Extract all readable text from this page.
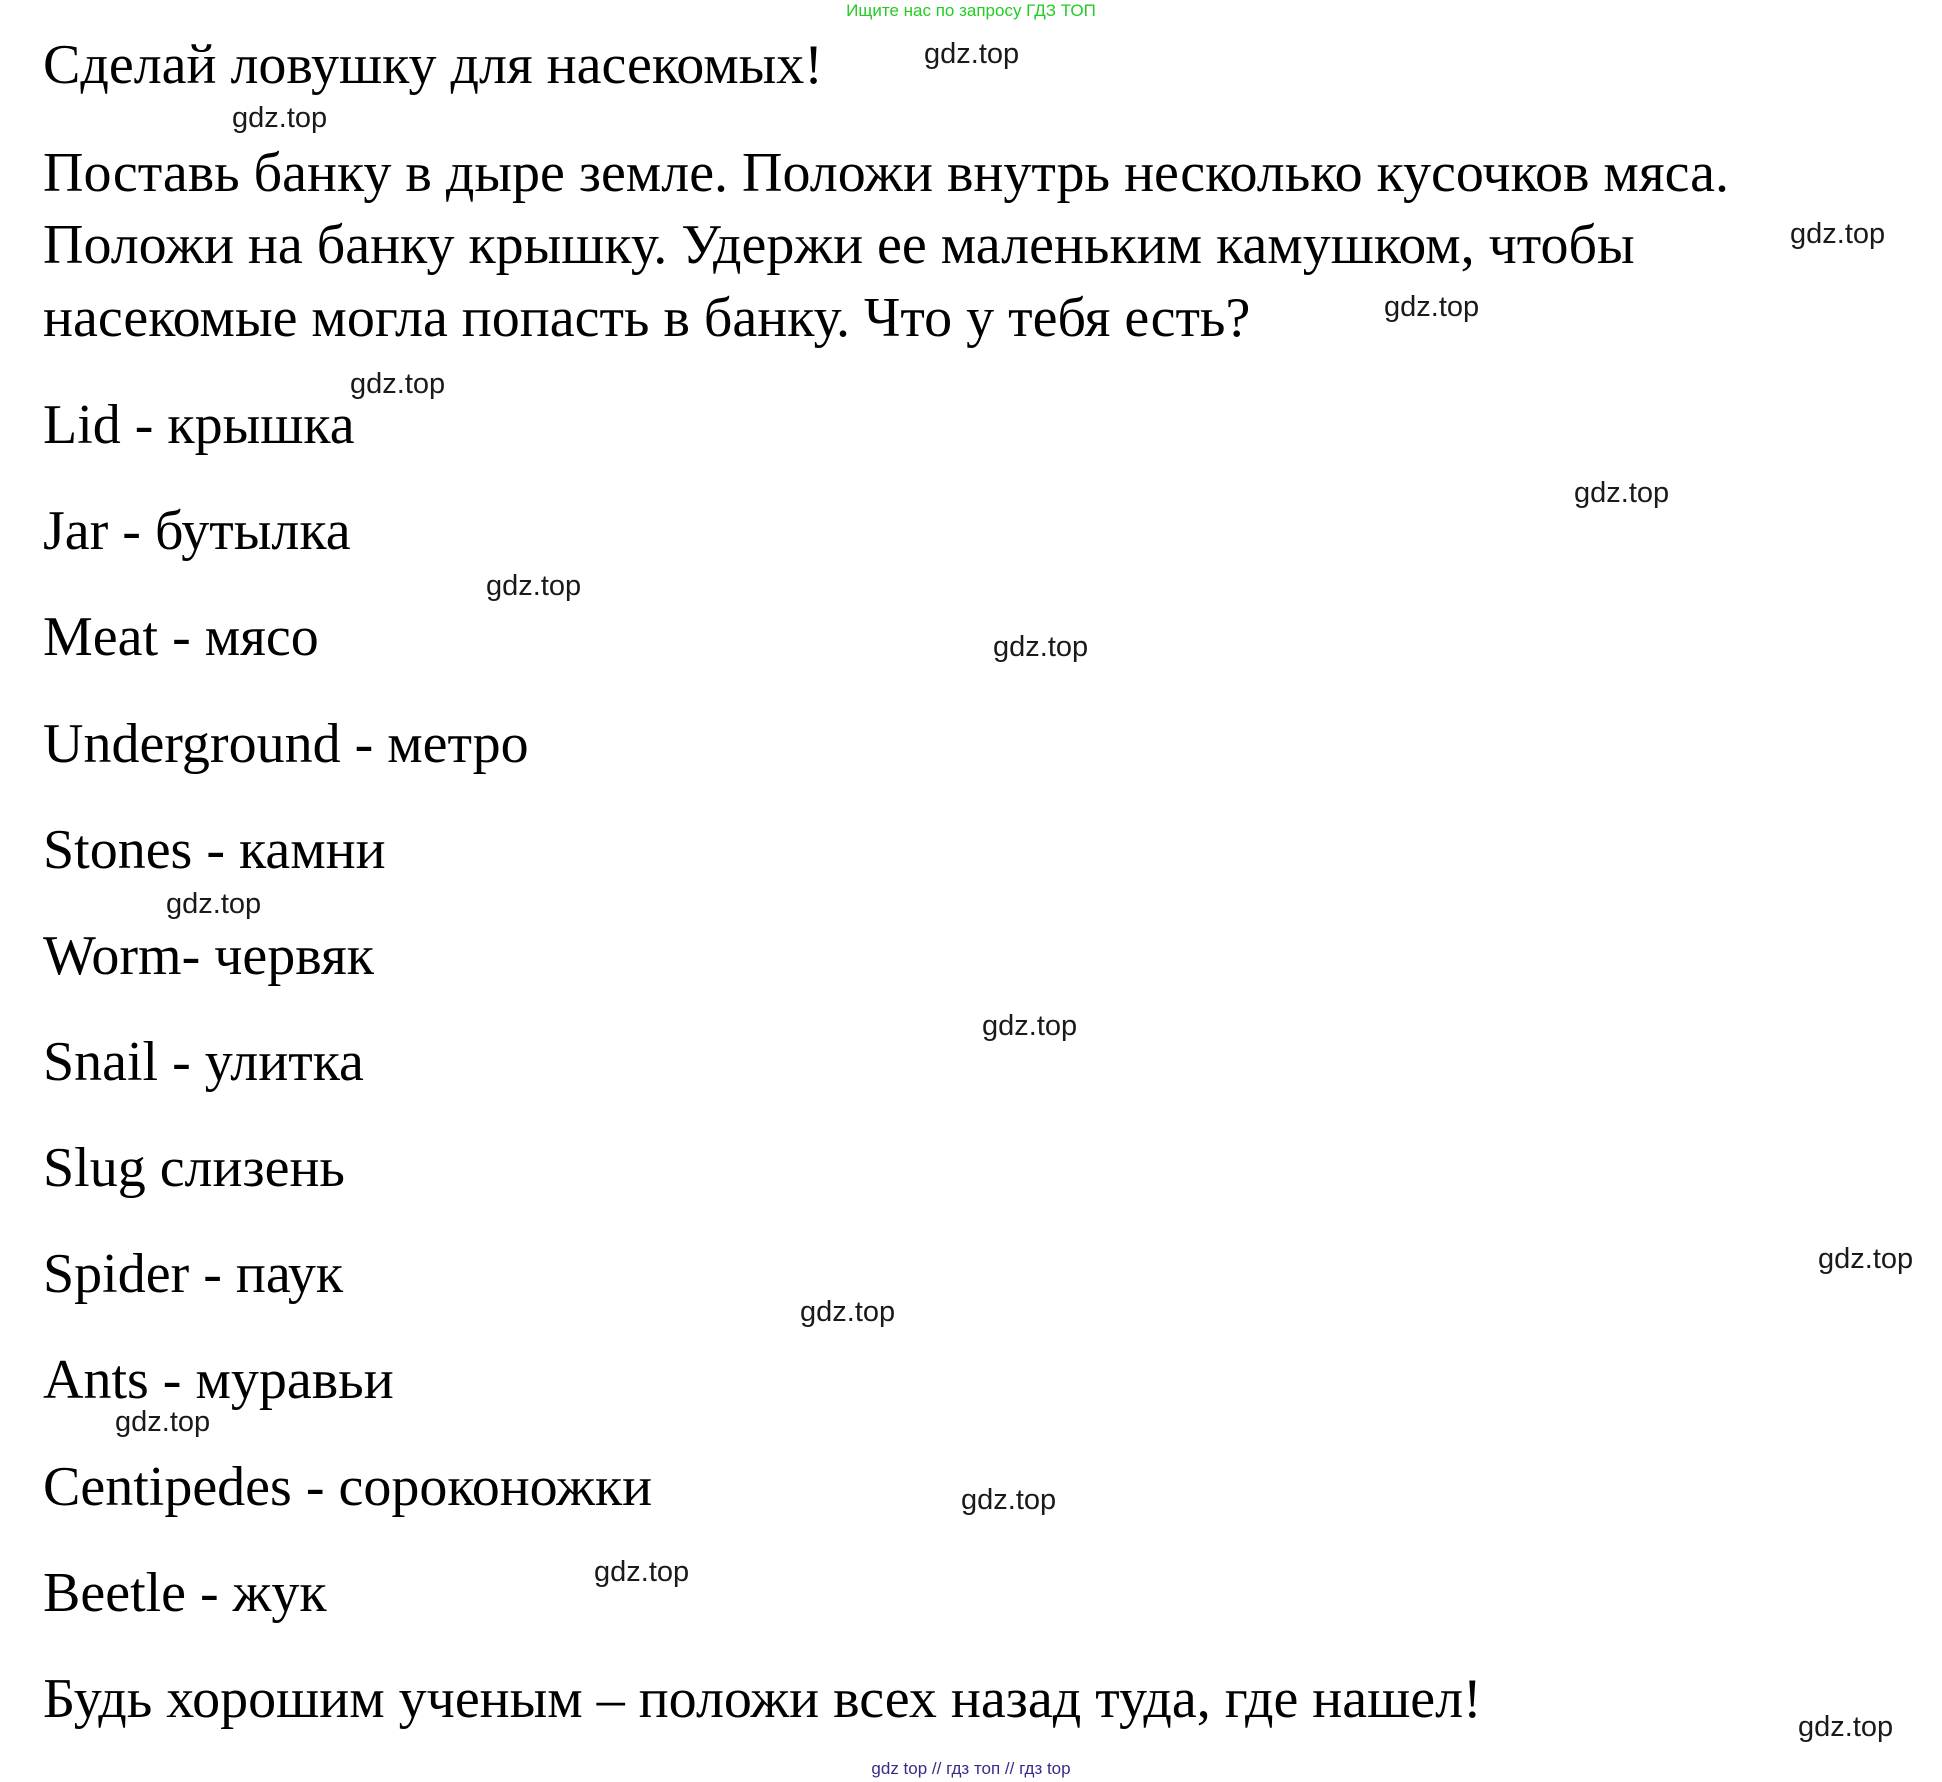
Ищите нас по запросу ГДЗ ТОП
Сделай ловушку для насекомых!
Поставь банку в дыре земле. Положи внутрь несколько кусочков мяса.
Положи на банку крышку. Удержи ее маленьким камушком, чтобы
насекомые могла попасть в банку. Что у тебя есть?
Lid - крышка
Jar - бутылка
Meat - мясо
Underground - метро
Stones - камни
Worm- червяк
Snail - улитка
Slug слизень
Spider - паук
Ants - муравьи
Centipedes - сороконожки
Beetle - жук
Будь хорошим ученым – положи всех назад туда, где нашел!
gdz.top
gdz.top
gdz.top
gdz.top
gdz.top
gdz.top
gdz.top
gdz.top
gdz.top
gdz.top
gdz.top
gdz.top
gdz.top
gdz.top
gdz.top
gdz.top
gdz top // гдз топ // гдз top
